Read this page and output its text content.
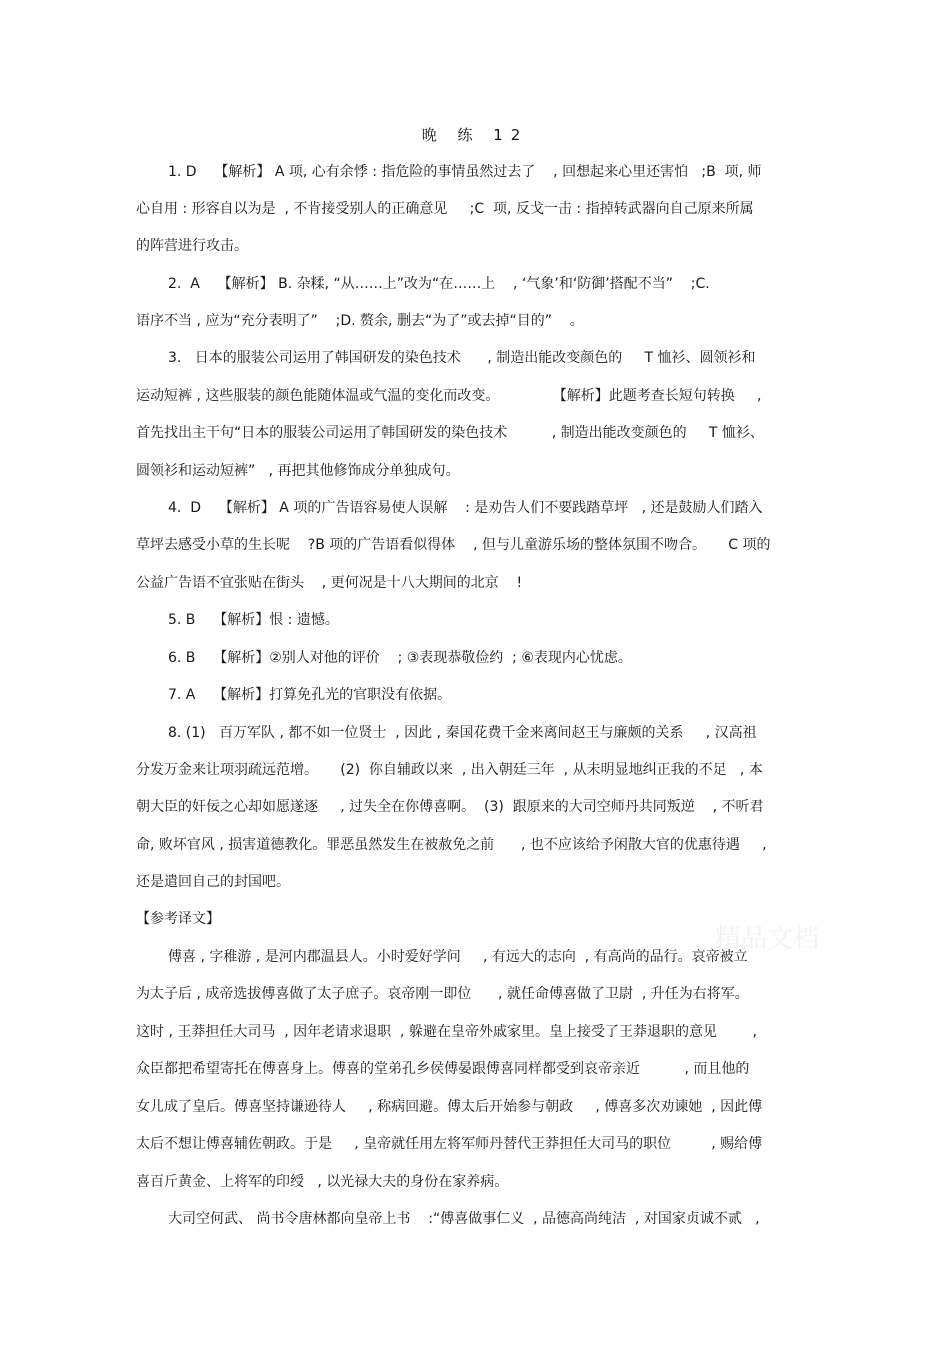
晚 练 12
1. D    【解析】 A 项, 心有余悸 : 指危险的事情虽然过去了    , 回想起来心里还害怕   ;B  项, 师
心自用 : 形容自以为是  , 不肯接受别人的正确意见     ;C  项, 反戈一击 : 指掉转武器向自己原来所属
的阵营进行攻击。
2.  A    【解析】 B. 杂糅, “从……上”改为“在……上    , ‘气象’和‘防御’搭配不当”    ;C.
语序不当 , 应为“充分表明了”    ;D. 赘余, 删去“为了”或去掉“目的”    。
3.   日本的服装公司运用了韩国研发的染色技术      , 制造出能改变颜色的     T 恤衫、圆领衫和
运动短裤 , 这些服装的颜色能随体温或气温的变化而改变。            【解析】此题考查长短句转换     ,
首先找出主干句“日本的服装公司运用了韩国研发的染色技术          , 制造出能改变颜色的     T 恤衫、
圆领衫和运动短裤”   , 再把其他修饰成分单独成句。
4.  D    【解析】 A 项的广告语容易使人误解    : 是劝告人们不要践踏草坪   , 还是鼓励人们踏入
草坪去感受小草的生长呢    ?B 项的广告语看似得体    , 但与儿童游乐场的整体氛围不吻合。     C 项的
公益广告语不宜张贴在街头    , 更何况是十八大期间的北京    !
5. B    【解析】恨 : 遗憾。
6. B    【解析】②别人对他的评价    ; ③表现恭敬俭约  ; ⑥表现内心忧虑。
7. A    【解析】打算免孔光的官职没有依据。
8. (1)   百万军队 , 都不如一位贤士  , 因此 , 秦国花费千金来离间赵王与廉颇的关系     , 汉高祖
分发万金来让项羽疏远范增。     (2)  你自辅政以来  , 出入朝廷三年  , 从未明显地纠正我的不足   , 本
朝大臣的奸佞之心却如愿遂逐     , 过失全在你傅喜啊。  (3)  跟原来的大司空师丹共同叛逆    , 不听君
命, 败坏官风 , 损害道德教化。罪恶虽然发生在被赦免之前      , 也不应该给予闲散大官的优惠待遇     ,
还是遣回自己的封国吧。
【参考译文】
傅喜 , 字稚游 , 是河内郡温县人。小时爱好学问     , 有远大的志向  , 有高尚的品行。哀帝被立
为太子后 , 成帝选拔傅喜做了太子庶子。哀帝刚一即位      , 就任命傅喜做了卫尉  , 升任为右将军。
这时 , 王莽担任大司马  , 因年老请求退职  , 躲避在皇帝外戚家里。皇上接受了王莽退职的意见        ,
众臣都把希望寄托在傅喜身上。傅喜的堂弟孔乡侯傅晏跟傅喜同样都受到哀帝亲近          , 而且他的
女儿成了皇后。傅喜坚持谦逊待人     , 称病回避。傅太后开始参与朝政     , 傅喜多次劝谏她  , 因此傅
太后不想让傅喜辅佐朝政。于是     , 皇帝就任用左将军师丹替代王莽担任大司马的职位         , 赐给傅
喜百斤黄金、上将军的印绶   , 以光禄大夫的身份在家养病。
大司空何武、 尚书令唐林都向皇帝上书    :“傅喜做事仁义  , 品德高尚纯洁  , 对国家贞诚不贰   ,
精品文档
